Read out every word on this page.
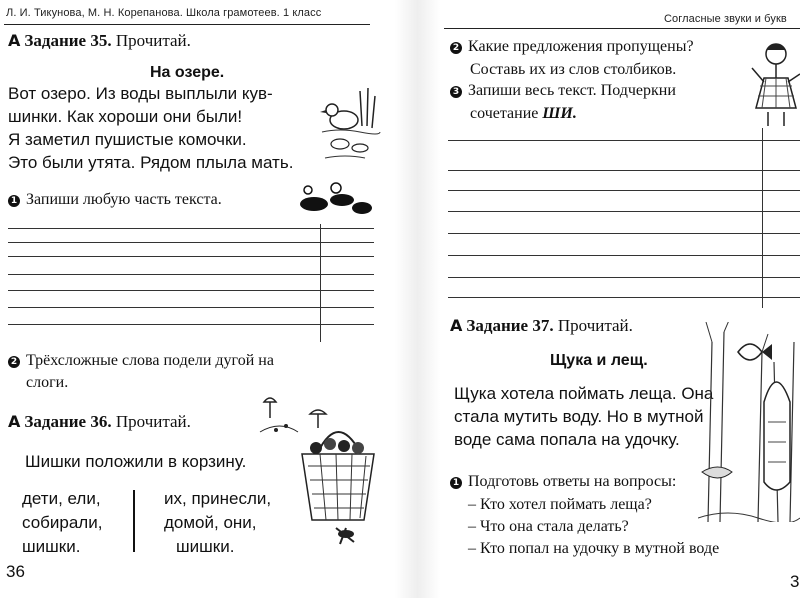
Л. И. Тикунова, М. Н. Корепанова. Школа грамотеев. 1 класс
A Задание 35. Прочитай.
На озере.
Вот озеро. Из воды выплыли кув-
шинки. Как хороши они были!
Я заметил пушистые комочки.
Это были утята. Рядом плыла мать.
1 Запиши любую часть текста.
2 Трёхсложные слова подели дугой на
слоги.
A Задание 36. Прочитай.
Шишки положили в корзину.
дети, ели,
собирали,
шишки.
их, принесли,
домой, они,
шишки.
36
Согласные звуки и букв
2 Какие предложения пропущены?
Составь их из слов столбиков.
3 Запиши весь текст. Подчеркни
сочетание ШИ.
A Задание 37. Прочитай.
Щука и лещ.
Щука хотела поймать леща. Она
стала мутить воду. Но в мутной
воде сама попала на удочку.
1 Подготовь ответы на вопросы:
– Кто хотел поймать леща?
– Что она стала делать?
– Кто попал на удочку в мутной воде
3
